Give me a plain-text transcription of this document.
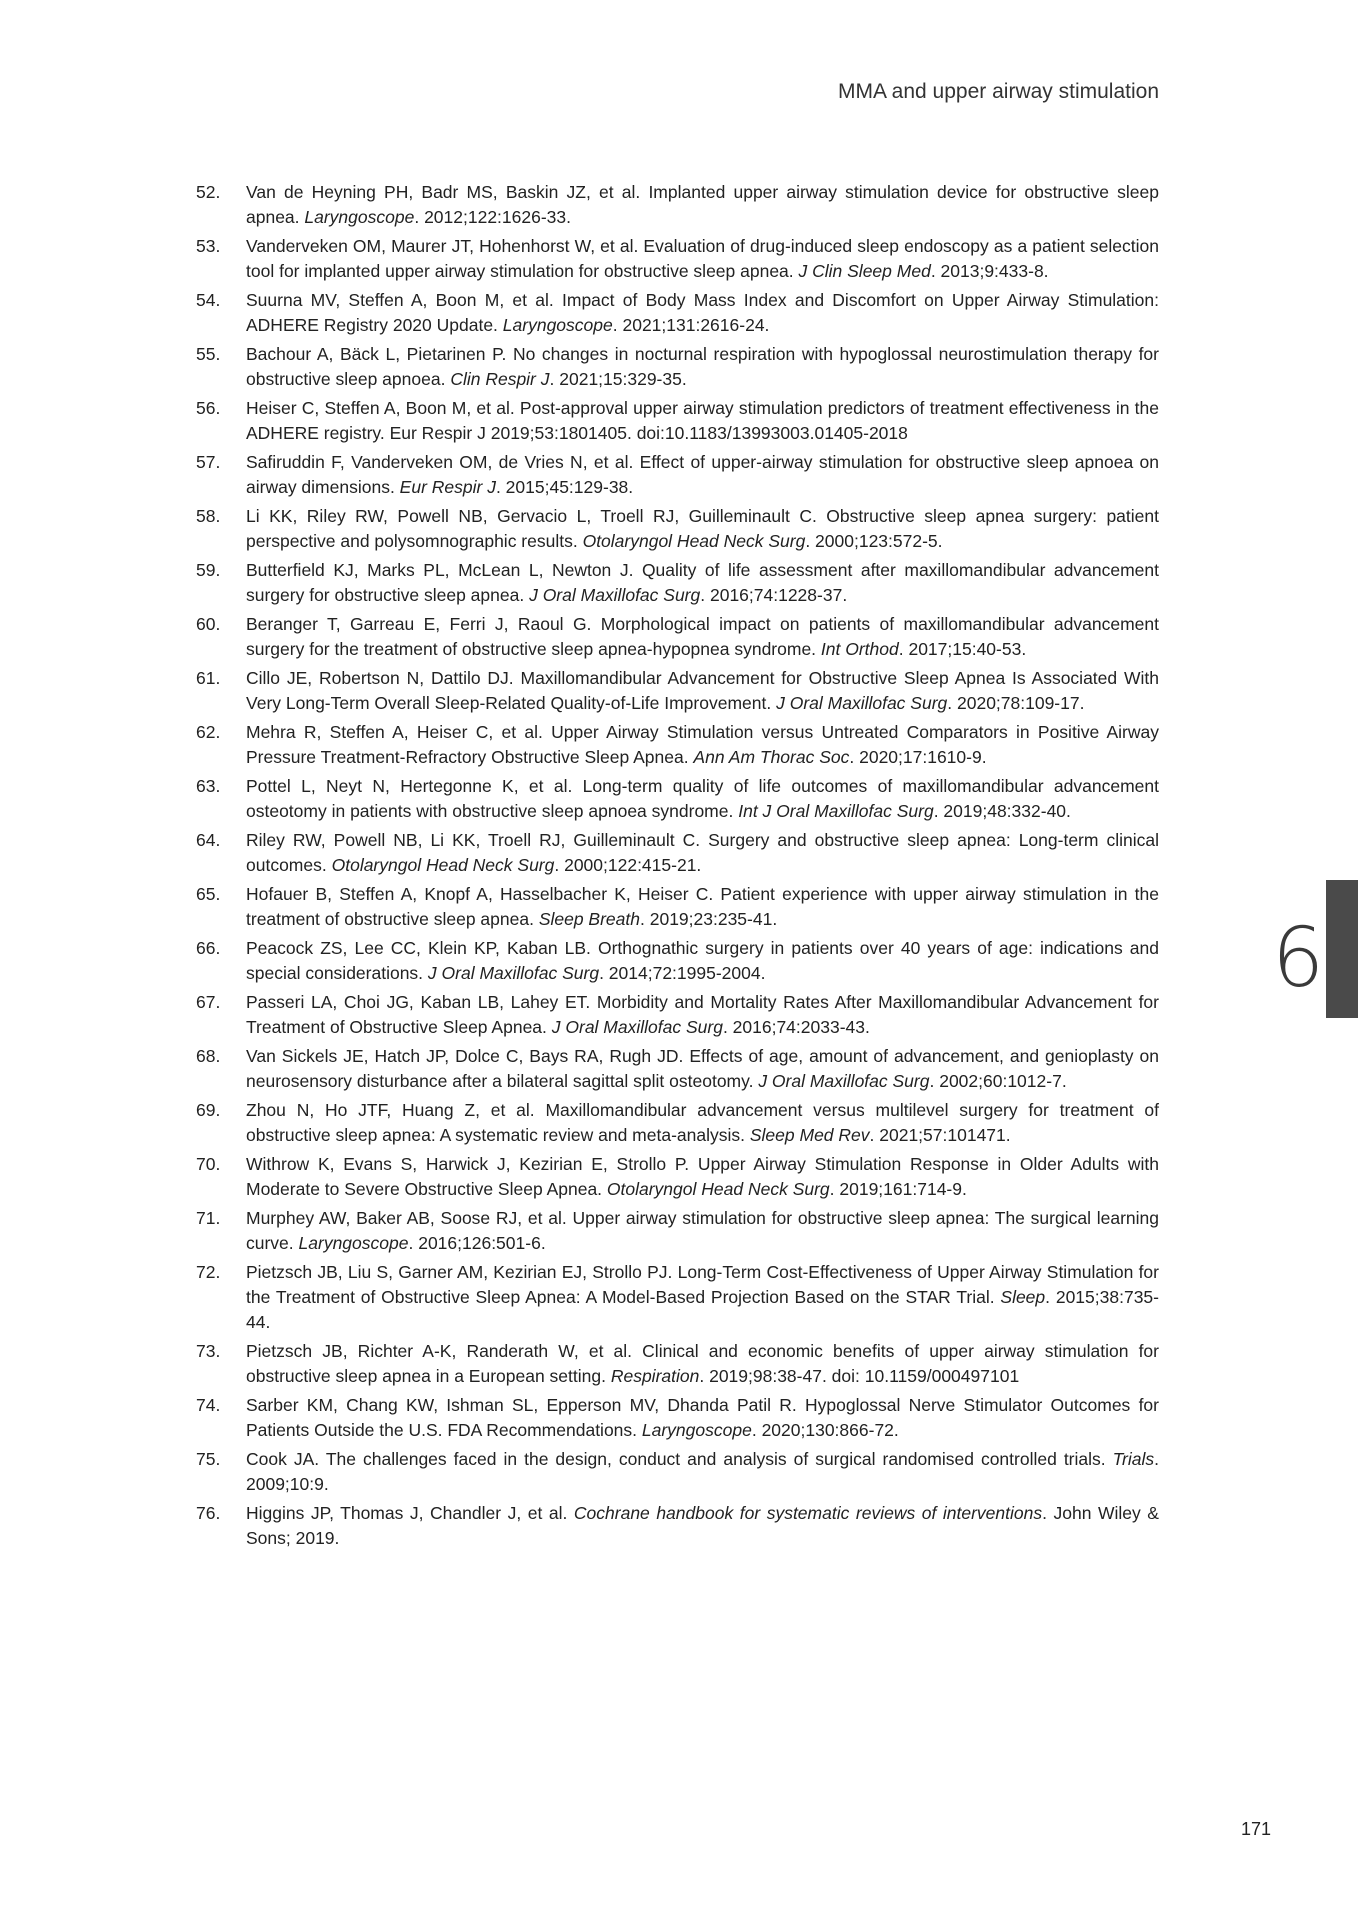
MMA and upper airway stimulation
52.	Van de Heyning PH, Badr MS, Baskin JZ, et al. Implanted upper airway stimulation device for obstructive sleep apnea. Laryngoscope. 2012;122:1626-33.
53.	Vanderveken OM, Maurer JT, Hohenhorst W, et al. Evaluation of drug-induced sleep endoscopy as a patient selection tool for implanted upper airway stimulation for obstructive sleep apnea. J Clin Sleep Med. 2013;9:433-8.
54.	Suurna MV, Steffen A, Boon M, et al. Impact of Body Mass Index and Discomfort on Upper Airway Stimulation: ADHERE Registry 2020 Update. Laryngoscope. 2021;131:2616-24.
55.	Bachour A, Bäck L, Pietarinen P. No changes in nocturnal respiration with hypoglossal neurostimulation therapy for obstructive sleep apnoea. Clin Respir J. 2021;15:329-35.
56.	Heiser C, Steffen A, Boon M, et al. Post-approval upper airway stimulation predictors of treatment effectiveness in the ADHERE registry. Eur Respir J 2019;53:1801405. doi:10.1183/13993003.01405-2018
57.	Safiruddin F, Vanderveken OM, de Vries N, et al. Effect of upper-airway stimulation for obstructive sleep apnoea on airway dimensions. Eur Respir J. 2015;45:129-38.
58.	Li KK, Riley RW, Powell NB, Gervacio L, Troell RJ, Guilleminault C. Obstructive sleep apnea surgery: patient perspective and polysomnographic results. Otolaryngol Head Neck Surg. 2000;123:572-5.
59.	Butterfield KJ, Marks PL, McLean L, Newton J. Quality of life assessment after maxillomandibular advancement surgery for obstructive sleep apnea. J Oral Maxillofac Surg. 2016;74:1228-37.
60.	Beranger T, Garreau E, Ferri J, Raoul G. Morphological impact on patients of maxillomandibular advancement surgery for the treatment of obstructive sleep apnea-hypopnea syndrome. Int Orthod. 2017;15:40-53.
61.	Cillo JE, Robertson N, Dattilo DJ. Maxillomandibular Advancement for Obstructive Sleep Apnea Is Associated With Very Long-Term Overall Sleep-Related Quality-of-Life Improvement. J Oral Maxillofac Surg. 2020;78:109-17.
62.	Mehra R, Steffen A, Heiser C, et al. Upper Airway Stimulation versus Untreated Comparators in Positive Airway Pressure Treatment-Refractory Obstructive Sleep Apnea. Ann Am Thorac Soc. 2020;17:1610-9.
63.	Pottel L, Neyt N, Hertegonne K, et al. Long-term quality of life outcomes of maxillomandibular advancement osteotomy in patients with obstructive sleep apnoea syndrome. Int J Oral Maxillofac Surg. 2019;48:332-40.
64.	Riley RW, Powell NB, Li KK, Troell RJ, Guilleminault C. Surgery and obstructive sleep apnea: Long-term clinical outcomes. Otolaryngol Head Neck Surg. 2000;122:415-21.
65.	Hofauer B, Steffen A, Knopf A, Hasselbacher K, Heiser C. Patient experience with upper airway stimulation in the treatment of obstructive sleep apnea. Sleep Breath. 2019;23:235-41.
66.	Peacock ZS, Lee CC, Klein KP, Kaban LB. Orthognathic surgery in patients over 40 years of age: indications and special considerations. J Oral Maxillofac Surg. 2014;72:1995-2004.
67.	Passeri LA, Choi JG, Kaban LB, Lahey ET. Morbidity and Mortality Rates After Maxillomandibular Advancement for Treatment of Obstructive Sleep Apnea. J Oral Maxillofac Surg. 2016;74:2033-43.
68.	Van Sickels JE, Hatch JP, Dolce C, Bays RA, Rugh JD. Effects of age, amount of advancement, and genioplasty on neurosensory disturbance after a bilateral sagittal split osteotomy. J Oral Maxillofac Surg. 2002;60:1012-7.
69.	Zhou N, Ho JTF, Huang Z, et al. Maxillomandibular advancement versus multilevel surgery for treatment of obstructive sleep apnea: A systematic review and meta-analysis. Sleep Med Rev. 2021;57:101471.
70.	Withrow K, Evans S, Harwick J, Kezirian E, Strollo P. Upper Airway Stimulation Response in Older Adults with Moderate to Severe Obstructive Sleep Apnea. Otolaryngol Head Neck Surg. 2019;161:714-9.
71.	Murphey AW, Baker AB, Soose RJ, et al. Upper airway stimulation for obstructive sleep apnea: The surgical learning curve. Laryngoscope. 2016;126:501-6.
72.	Pietzsch JB, Liu S, Garner AM, Kezirian EJ, Strollo PJ. Long-Term Cost-Effectiveness of Upper Airway Stimulation for the Treatment of Obstructive Sleep Apnea: A Model-Based Projection Based on the STAR Trial. Sleep. 2015;38:735-44.
73.	Pietzsch JB, Richter A-K, Randerath W, et al. Clinical and economic benefits of upper airway stimulation for obstructive sleep apnea in a European setting. Respiration. 2019;98:38-47. doi: 10.1159/000497101
74.	Sarber KM, Chang KW, Ishman SL, Epperson MV, Dhanda Patil R. Hypoglossal Nerve Stimulator Outcomes for Patients Outside the U.S. FDA Recommendations. Laryngoscope. 2020;130:866-72.
75.	Cook JA. The challenges faced in the design, conduct and analysis of surgical randomised controlled trials. Trials. 2009;10:9.
76.	Higgins JP, Thomas J, Chandler J, et al. Cochrane handbook for systematic reviews of interventions. John Wiley & Sons; 2019.
6
171
